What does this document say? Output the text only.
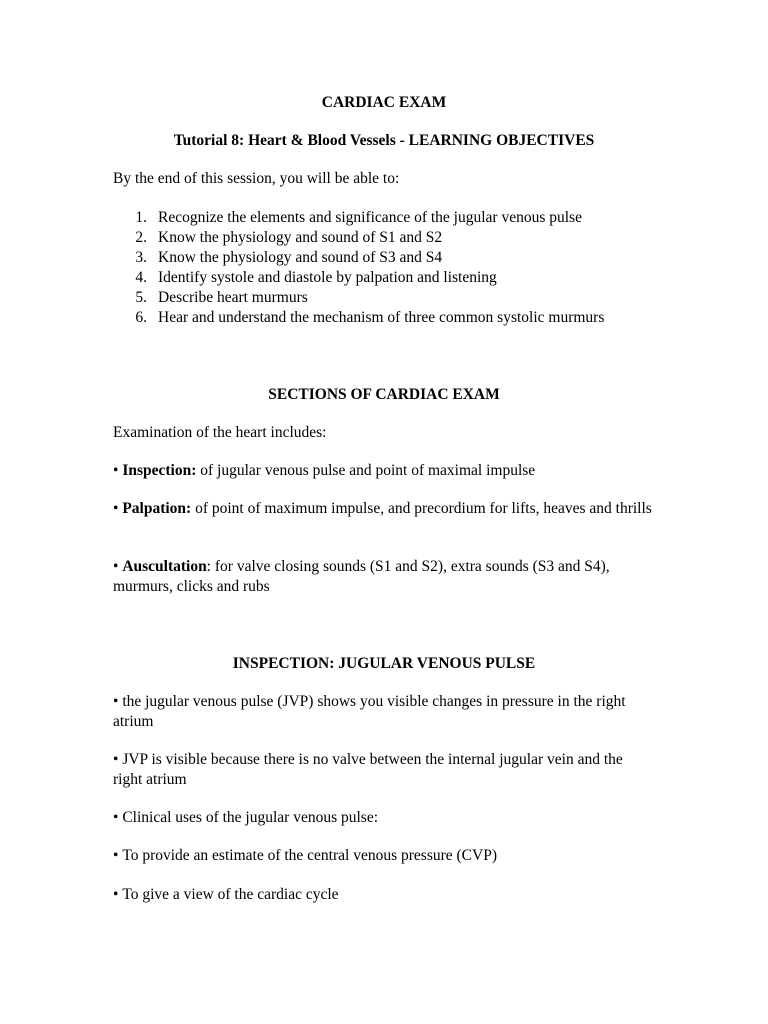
CARDIAC EXAM

Tutorial 8: Heart & Blood Vessels - LEARNING OBJECTIVES

By the end of this session, you will be able to:

1. Recognize the elements and significance of the jugular venous pulse
2. Know the physiology and sound of S1 and S2
3. Know the physiology and sound of S3 and S4
4. Identify systole and diastole by palpation and listening
5. Describe heart murmurs
6. Hear and understand the mechanism of three common systolic murmurs

SECTIONS OF CARDIAC EXAM

Examination of the heart includes:

• Inspection: of jugular venous pulse and point of maximal impulse

• Palpation: of point of maximum impulse, and precordium for lifts, heaves and thrills

• Auscultation: for valve closing sounds (S1 and S2), extra sounds (S3 and S4), murmurs, clicks and rubs

INSPECTION: JUGULAR VENOUS PULSE

• the jugular venous pulse (JVP) shows you visible changes in pressure in the right atrium

• JVP is visible because there is no valve between the internal jugular vein and the right atrium

• Clinical uses of the jugular venous pulse:

• To provide an estimate of the central venous pressure (CVP)

• To give a view of the cardiac cycle
